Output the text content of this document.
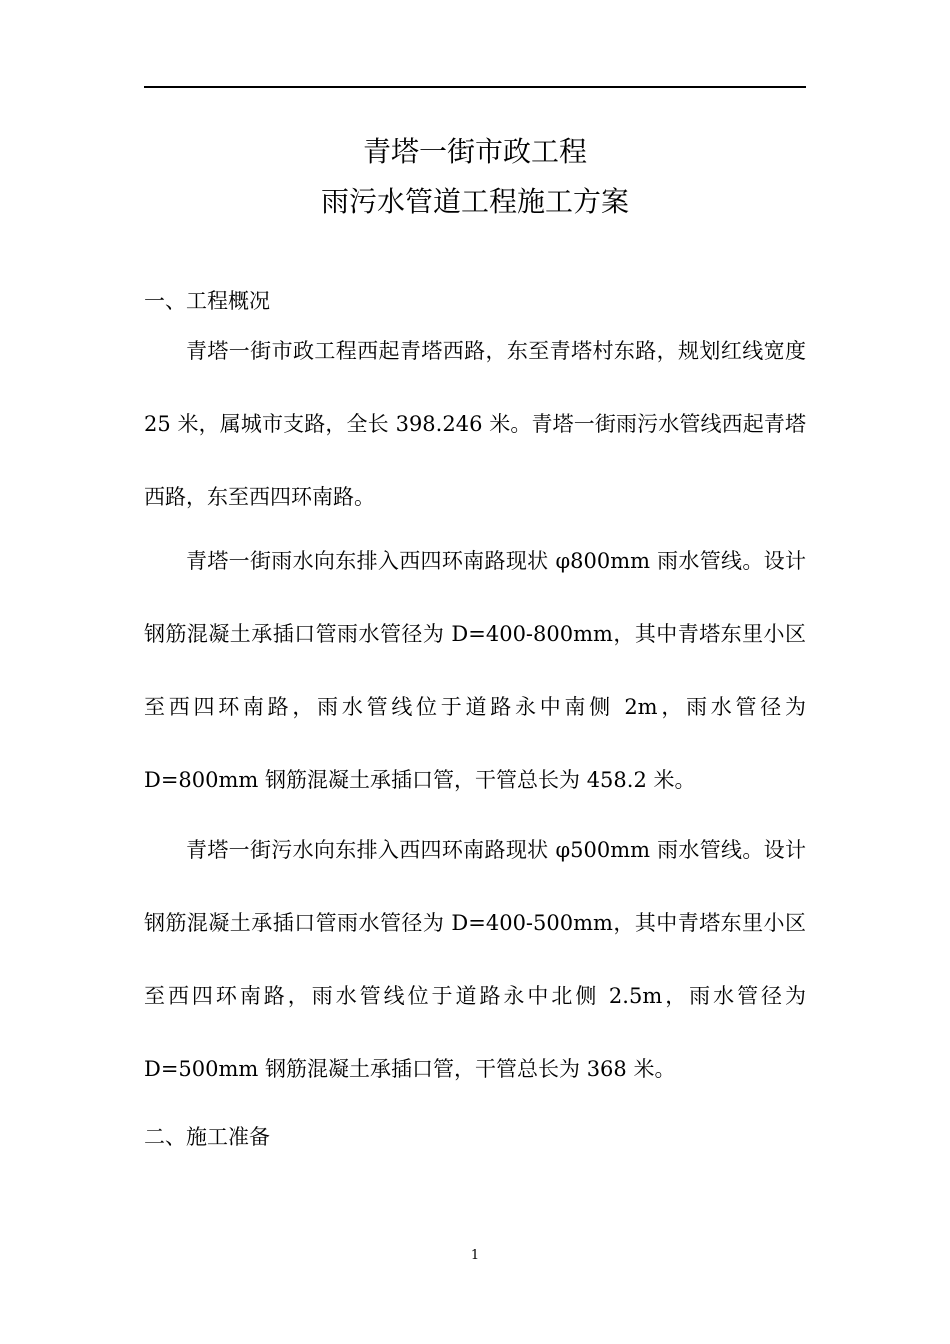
青塔一街市政工程
雨污水管道工程施工方案
一、工程概况

青塔一街市政工程西起青塔西路，东至青塔村东路，规划红线宽度 25 米，属城市支路，全长 398.246 米。青塔一街雨污水管线西起青塔西路，东至西四环南路。

青塔一街雨水向东排入西四环南路现状 φ800mm 雨水管线。设计钢筋混凝土承插口管雨水管径为 D=400-800mm，其中青塔东里小区至西四环南路，雨水管线位于道路永中南侧 2m，雨水管径为 D=800mm 钢筋混凝土承插口管，干管总长为 458.2 米。

青塔一街污水向东排入西四环南路现状 φ500mm 雨水管线。设计钢筋混凝土承插口管雨水管径为 D=400-500mm，其中青塔东里小区至西四环南路，雨水管线位于道路永中北侧 2.5m，雨水管径为 D=500mm 钢筋混凝土承插口管，干管总长为 368 米。

二、施工准备
1
